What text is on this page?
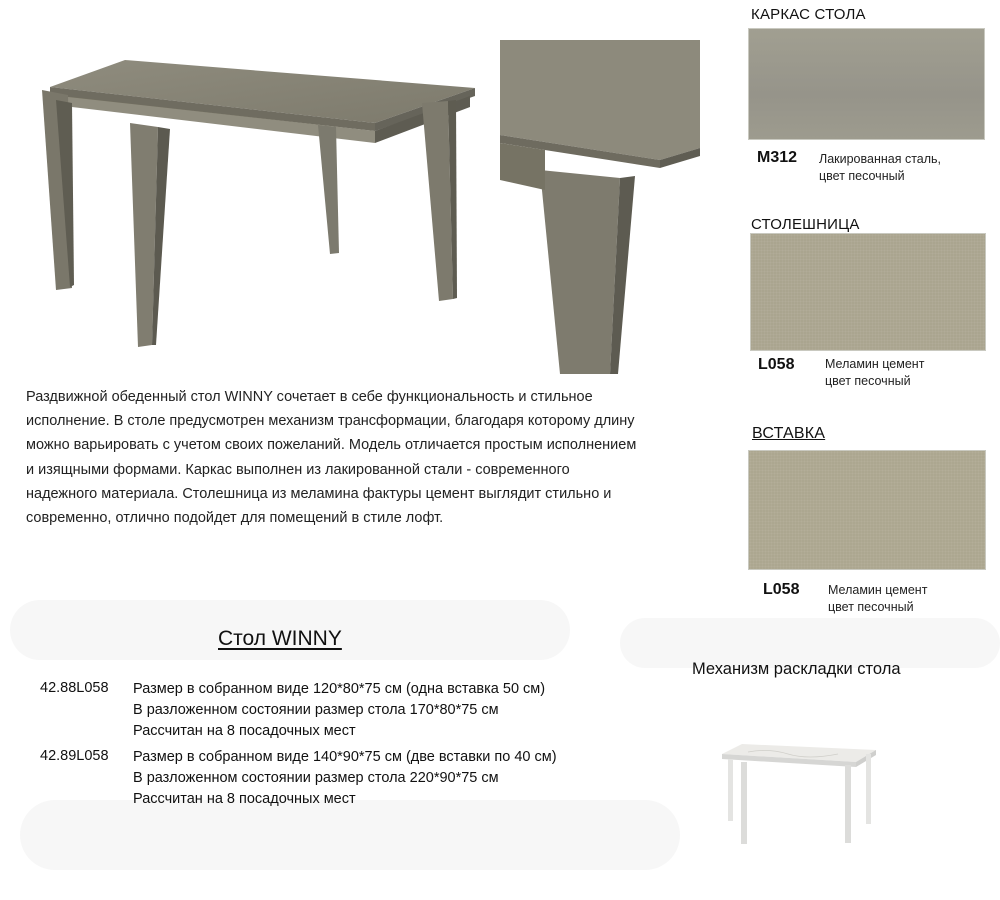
КАРКАС СТОЛА
M312 Лакированная сталь,
цвет песочный
СТОЛЕШНИЦА
L058 Меламин цемент
цвет песочный
ВСТАВКА
L058 Меламин цемент
цвет песочный
Раздвижной обеденный стол WINNY сочетает в себе функциональность и стильное
исполнение. В столе предусмотрен механизм трансформации, благодаря которому длину
можно варьировать с учетом своих пожеланий. Модель отличается простым исполнением
и изящными формами. Каркас выполнен из лакированной стали - современного
надежного материала. Столешница из меламина фактуры цемент выглядит стильно и
современно, отлично подойдет для помещений в стиле лофт.
Стол WINNY
Механизм раскладки стола
42.88L058 Размер в собранном виде 120*80*75 см (одна вставка 50 см)
В разложенном состоянии размер стола 170*80*75 см
Рассчитан на 8 посадочных мест
42.89L058 Размер в собранном виде 140*90*75 см (две вставки по 40 см)
В разложенном состоянии размер стола 220*90*75 см
Рассчитан на 8 посадочных мест
